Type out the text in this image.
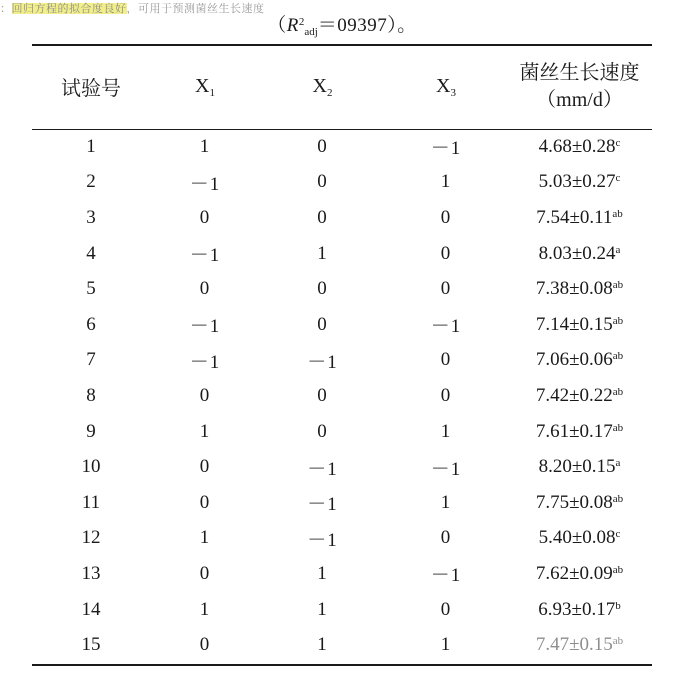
：回归方程的拟合度良好，可用于预测菌丝生长速度
$(R^2_{adj}=09397)$。
试验号	$X_1$	$X_2$	$X_3$	菌丝生长速度
（mm/d）

1	1	0	－1	4.68±0.28$^c$
2	－1	0	1	5.03±0.27$^c$
3	0	0	0	7.54±0.11$^{ab}$
4	－1	1	0	8.03±0.24$^a$
5	0	0	0	7.38±0.08$^{ab}$
6	－1	0	－1	7.14±0.15$^{ab}$
7	－1	－1	0	7.06±0.06$^{ab}$
8	0	0	0	7.42±0.22$^{ab}$
9	1	0	1	7.61±0.17$^{ab}$
10	0	－1	－1	8.20±0.15$^a$
11	0	－1	1	7.75±0.08$^{ab}$
12	1	－1	0	5.40±0.08$^c$
13	0	1	－1	7.62±0.09$^{ab}$
14	1	1	0	6.93±0.17$^b$
15	0	1	1	7.47±0.15$^{ab}$
